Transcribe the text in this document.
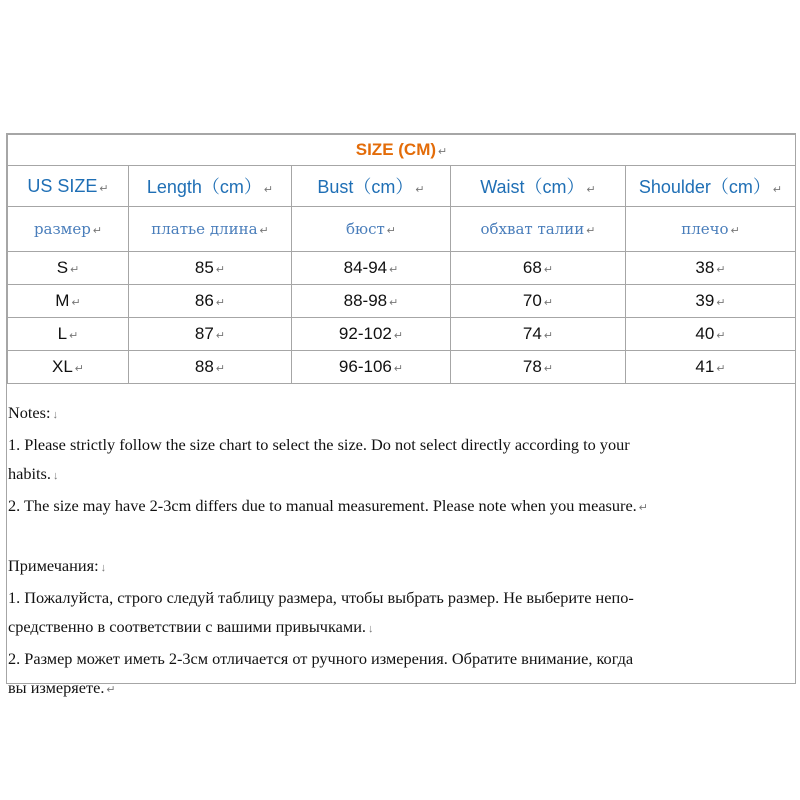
SIZE (CM) ↵				
US SIZE ↵	Length（cm） ↵	Bust（cm） ↵	Waist（cm） ↵	Shoulder（cm） ↵
размер ↵	платье длина ↵	бюст ↵	обхват талии ↵	плечо ↵
S ↵	85 ↵	84-94 ↵	68 ↵	38 ↵
M ↵	86 ↵	88-98 ↵	70 ↵	39 ↵
L ↵	87 ↵	92-102 ↵	74 ↵	40 ↵
XL ↵	88 ↵	96-106 ↵	78 ↵	41 ↵

Notes: ↓

1. Please strictly follow the size chart to select the size. Do not select directly according to your

habits. ↓

2. The size may have 2-3cm differs due to manual measurement. Please note when you measure. ↵

Примечания: ↓

1. Пожалуйста, строго следуй таблицу размера, чтобы выбрать размер. Не выберите непо-

средственно в соответствии с вашими привычками. ↓

2. Размер может иметь 2-3см отличается от ручного измерения. Обратите внимание, когда

вы измеряете. ↵
